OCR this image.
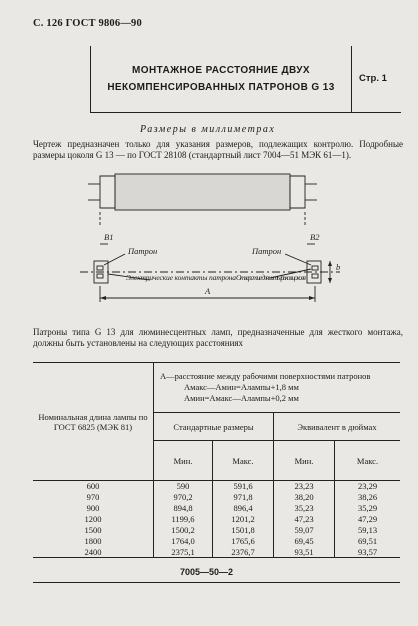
С. 126 ГОСТ 9806—90
МОНТАЖНОЕ РАССТОЯНИЕ ДВУХ
НЕКОМПЕНСИРОВАННЫХ ПАТРОНОВ G 13
Стр. 1
Размеры в миллиметрах
Чертеж предназначен только для указания размеров, подлежащих контролю. Подробные размеры цоколя G 13 — по ГОСТ 28108 (стандартный лист 7004—51 МЭК 61—1).
В1	В2
b
Патрон	Патрон
Электрические контакты патрона Отверстие для штырьков цоколя
А
Патроны типа G 13 для люминесцентных ламп, предназначенные для жесткого монтажа, должны быть установлены на следующих расстояниях
Номинальная длина лампы по ГОСТ 6825 (МЭК 81)	А—расстояние между рабочими поверхностями патронов
Амакс—Амин=Алампы+1,8 мм
Амин=Амакс—Алампы+0,2 мм			

	Стандартные размеры		Эквивалент в дюймах	
	Мин.	Макс.	Мин.	Макс.
600	590	591,6	23,23	23,29
970	970,2	971,8	38,20	38,26
900	894,8	896,4	35,23	35,29
1200	1199,6	1201,2	47,23	47,29
1500	1500,2	1501,8	59,07	59,13
1800	1764,0	1765,6	69,45	69,51
2400	2375,1	2376,7	93,51	93,57
7005—50—2
